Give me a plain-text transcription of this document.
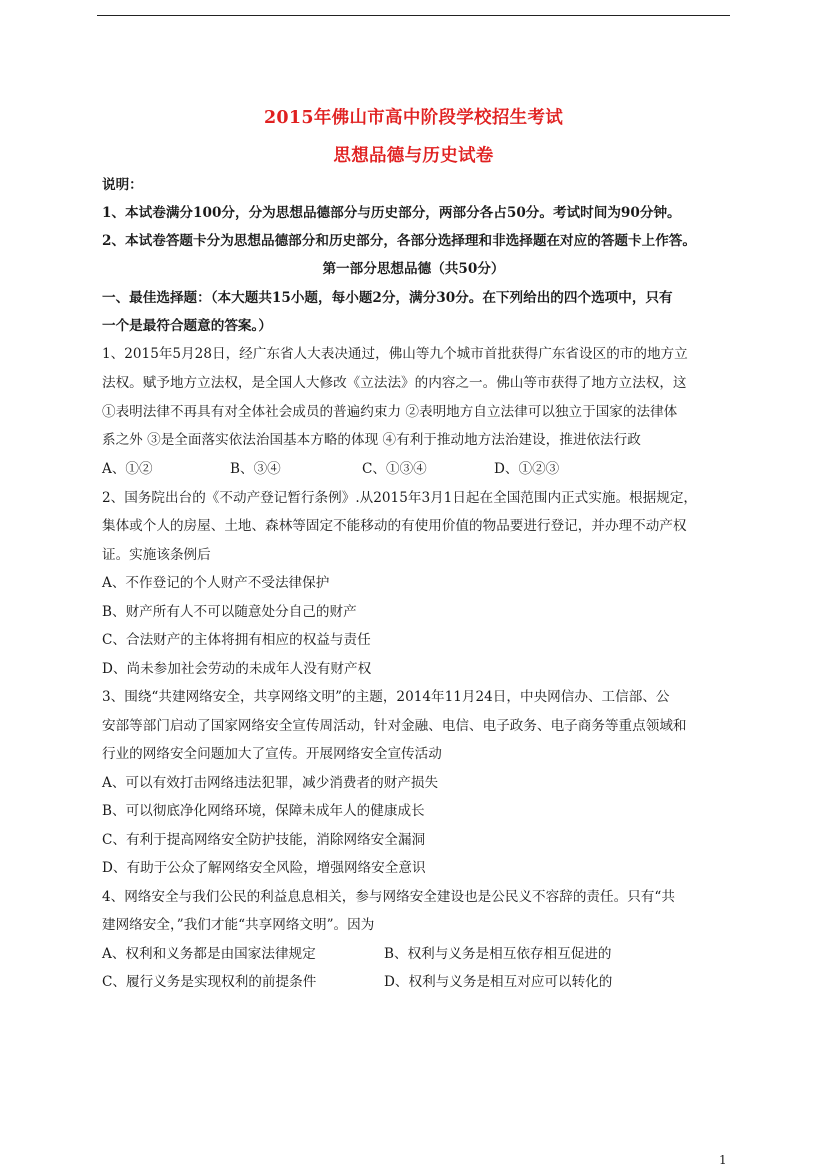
2015年佛山市高中阶段学校招生考试
思想品德与历史试卷
说明：
1、本试卷满分100分，分为思想品德部分与历史部分，两部分各占50分。考试时间为90分钟。
2、本试卷答题卡分为思想品德部分和历史部分，各部分选择理和非选择题在对应的答题卡上作答。
第一部分思想品德（共50分）
一、最佳选择题：（本大题共15小题，每小题2分，满分30分。在下列给出的四个选项中，只有
一个是最符合题意的答案。）
1、2015年5月28日，经广东省人大表决通过，佛山等九个城市首批获得广东省设区的市的地方立
法权。赋予地方立法权，是全国人大修改《立法法》的内容之一。佛山等市获得了地方立法权，这
①表明法律不再具有对全体社会成员的普遍约束力 ②表明地方自立法律可以独立于国家的法律体
系之外 ③是全面落实依法治国基本方略的体现 ④有利于推动地方法治建设，推进依法行政
A、①②	B、③④	C、①③④	D、①②③
2、国务院出台的《不动产登记暂行条例》.从2015年3月1日起在全国范围内正式实施。根据规定，
集体或个人的房屋、土地、森林等固定不能移动的有使用价值的物品要进行登记，并办理不动产权
证。实施该条例后
A、不作登记的个人财产不受法律保护
B、财产所有人不可以随意处分自己的财产
C、合法财产的主体将拥有相应的权益与责任
D、尚未参加社会劳动的未成年人没有财产权
3、围绕“共建网络安全，共享网络文明”的主题，2014年11月24日，中央网信办、工信部、公
安部等部门启动了国家网络安全宣传周活动，针对金融、电信、电子政务、电子商务等重点领域和
行业的网络安全问题加大了宣传。开展网络安全宣传活动
A、可以有效打击网络违法犯罪，减少消费者的财产损失
B、可以彻底净化网络环境，保障未成年人的健康成长
C、有利于提高网络安全防护技能，消除网络安全漏洞
D、有助于公众了解网络安全风险，增强网络安全意识
4、网络安全与我们公民的利益息息相关，参与网络安全建设也是公民义不容辞的责任。只有“共
建网络安全，”我们才能“共享网络文明”。因为
A、权利和义务都是由国家法律规定	B、权利与义务是相互依存相互促进的
C、履行义务是实现权利的前提条件	D、权利与义务是相互对应可以转化的
1
